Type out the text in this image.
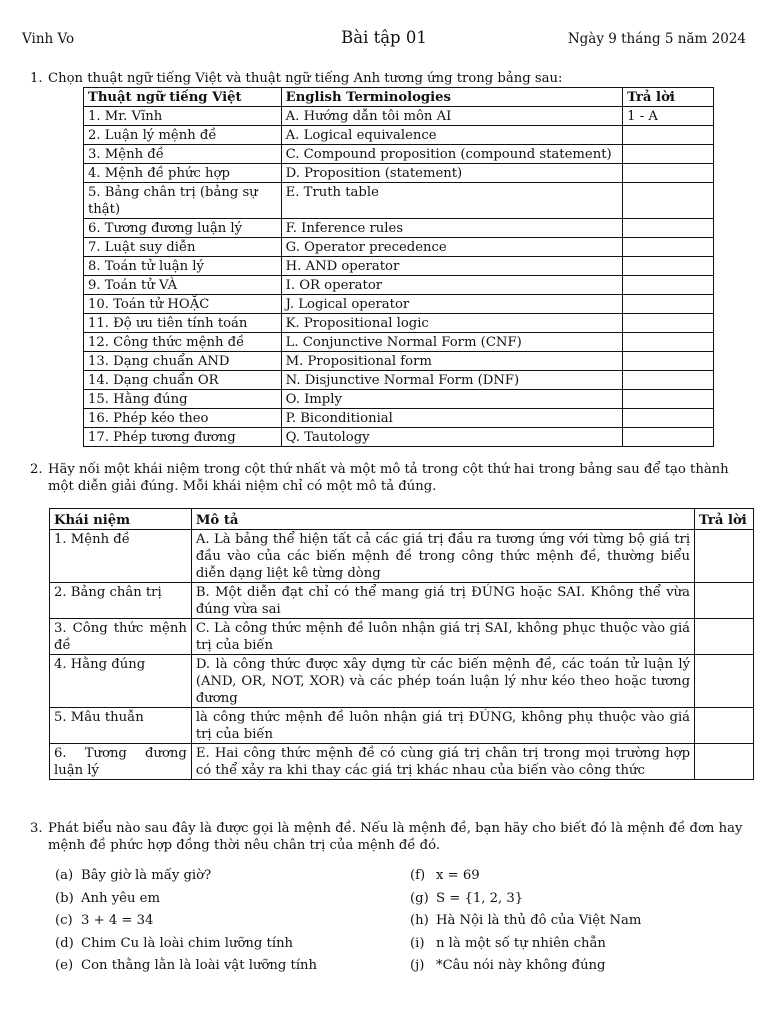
Vinh Vo	Bài tập 01	Ngày 9 tháng 5 năm 2024
1. Chọn thuật ngữ tiếng Việt và thuật ngữ tiếng Anh tương ứng trong bảng sau:
Thuật ngữ tiếng Việt	English Terminologies	Trả lời
1. Mr. Vĩnh	A. Hướng dẫn tôi môn AI	1 - A
2. Luận lý mệnh đề	A. Logical equivalence	
3. Mệnh đề	C. Compound proposition (compound statement)	
4. Mệnh đề phức hợp	D. Proposition (statement)	
5. Bảng chân trị (bảng sự thật)	E. Truth table	
6. Tương đương luận lý	F. Inference rules	
7. Luật suy diễn	G. Operator precedence	
8. Toán tử luận lý	H. AND operator	
9. Toán tử VÀ	I. OR operator	
10. Toán tử HOẶC	J. Logical operator	
11. Độ ưu tiên tính toán	K. Propositional logic	
12. Công thức mệnh đề	L. Conjunctive Normal Form (CNF)	
13. Dạng chuẩn AND	M. Propositional form	
14. Dạng chuẩn OR	N. Disjunctive Normal Form (DNF)	
15. Hằng đúng	O. Imply	
16. Phép kéo theo	P. Biconditionial	
17. Phép tương đương	Q. Tautology	
2. Hãy nối một khái niệm trong cột thứ nhất và một mô tả trong cột thứ hai trong bảng sau để tạo thành một diễn giải đúng. Mỗi khái niệm chỉ có một mô tả đúng.
Khái niệm	Mô tả	Trả lời
1. Mệnh đề	A. Là bảng thể hiện tất cả các giá trị đầu ra tương ứng với từng bộ giá trị đầu vào của các biến mệnh đề trong công thức mệnh đề, thường biểu diễn dạng liệt kê từng dòng	
2. Bảng chân trị	B. Một diễn đạt chỉ có thể mang giá trị ĐÚNG hoặc SAI. Không thể vừa đúng vừa sai	
3. Công thức mệnh đề	C. Là công thức mệnh đề luôn nhận giá trị SAI, không phục thuộc vào giá trị của biến	
4. Hằng đúng	D. là công thức được xây dựng từ các biến mệnh đề, các toán tử luận lý (AND, OR, NOT, XOR) và các phép toán luận lý như kéo theo hoặc tương đương	
5. Mâu thuẫn	là công thức mệnh đề luôn nhận giá trị ĐÚNG, không phụ thuộc vào giá trị của biến	
6. Tương đương luận lý	E. Hai công thức mệnh đề có cùng giá trị chân trị trong mọi trường hợp có thể xảy ra khi thay các giá trị khác nhau của biến vào công thức	
3. Phát biểu nào sau đây là được gọi là mệnh đề. Nếu là mệnh đề, bạn hãy cho biết đó là mệnh đề đơn hay mệnh đề phức hợp đồng thời nêu chân trị của mệnh đề đó.
(a) Bây giờ là mấy giờ?
(b) Anh yêu em
(c) 3 + 4 = 34
(d) Chim Cu là loài chim lưỡng tính
(e) Con thằng lằn là loài vật lưỡng tính
(f) x = 69
(g) S = {1, 2, 3}
(h) Hà Nội là thủ đô của Việt Nam
(i) n là một số tự nhiên chẵn
(j) *Câu nói này không đúng
